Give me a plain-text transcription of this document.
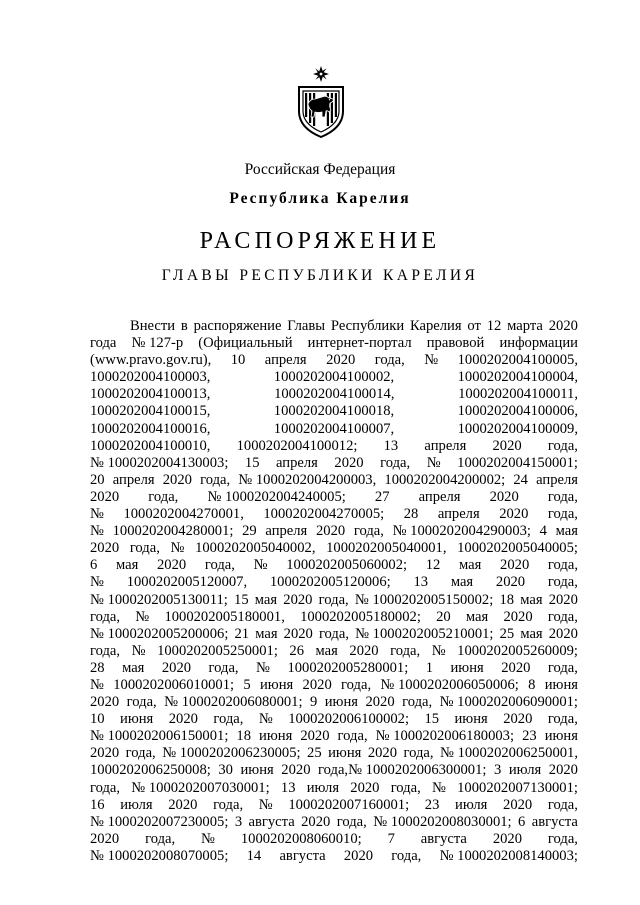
Российская Федерация
Республика Карелия
РАСПОРЯЖЕНИЕ
ГЛАВЫ РЕСПУБЛИКИ КАРЕЛИЯ
Внести в распоряжение Главы Республики Карелия от 12 марта 2020
года № 127-р (Официальный интернет-портал правовой информации
(www.pravo.gov.ru), 10 апреля 2020 года, № 1000202004100005,
1000202004100003,	1000202004100002,	1000202004100004,
1000202004100013,	1000202004100014,	1000202004100011,
1000202004100015,	1000202004100018,	1000202004100006,
1000202004100016,	1000202004100007,	1000202004100009,
1000202004100010, 1000202004100012; 13 апреля 2020 года,
№ 1000202004130003; 15 апреля 2020 года, № 1000202004150001;
20 апреля 2020 года, № 1000202004200003, 1000202004200002; 24 апреля
2020 года, № 1000202004240005; 27 апреля 2020 года,
№ 1000202004270001, 1000202004270005; 28 апреля 2020 года,
№ 1000202004280001; 29 апреля 2020 года, № 1000202004290003; 4 мая
2020 года, № 1000202005040002, 1000202005040001, 1000202005040005;
6 мая 2020 года, № 1000202005060002; 12 мая 2020 года,
№ 1000202005120007, 1000202005120006; 13 мая 2020 года,
№ 1000202005130011; 15 мая 2020 года, № 1000202005150002; 18 мая 2020
года, № 1000202005180001, 1000202005180002; 20 мая 2020 года,
№ 1000202005200006; 21 мая 2020 года, № 1000202005210001; 25 мая 2020
года, № 1000202005250001; 26 мая 2020 года, № 1000202005260009;
28 мая 2020 года, № 1000202005280001; 1 июня 2020 года,
№ 1000202006010001; 5 июня 2020 года, № 1000202006050006; 8 июня
2020 года, № 1000202006080001; 9 июня 2020 года, № 1000202006090001;
10 июня 2020 года, № 1000202006100002; 15 июня 2020 года,
№ 1000202006150001; 18 июня 2020 года, № 1000202006180003; 23 июня
2020 года, № 1000202006230005; 25 июня 2020 года, № 1000202006250001,
1000202006250008; 30 июня 2020 года,№ 1000202006300001; 3 июля 2020
года, № 1000202007030001; 13 июля 2020 года, № 1000202007130001;
16 июля 2020 года, № 1000202007160001; 23 июля 2020 года,
№ 1000202007230005; 3 августа 2020 года, № 1000202008030001; 6 августа
2020 года, № 1000202008060010; 7 августа 2020 года,
№ 1000202008070005; 14 августа 2020 года, № 1000202008140003;
